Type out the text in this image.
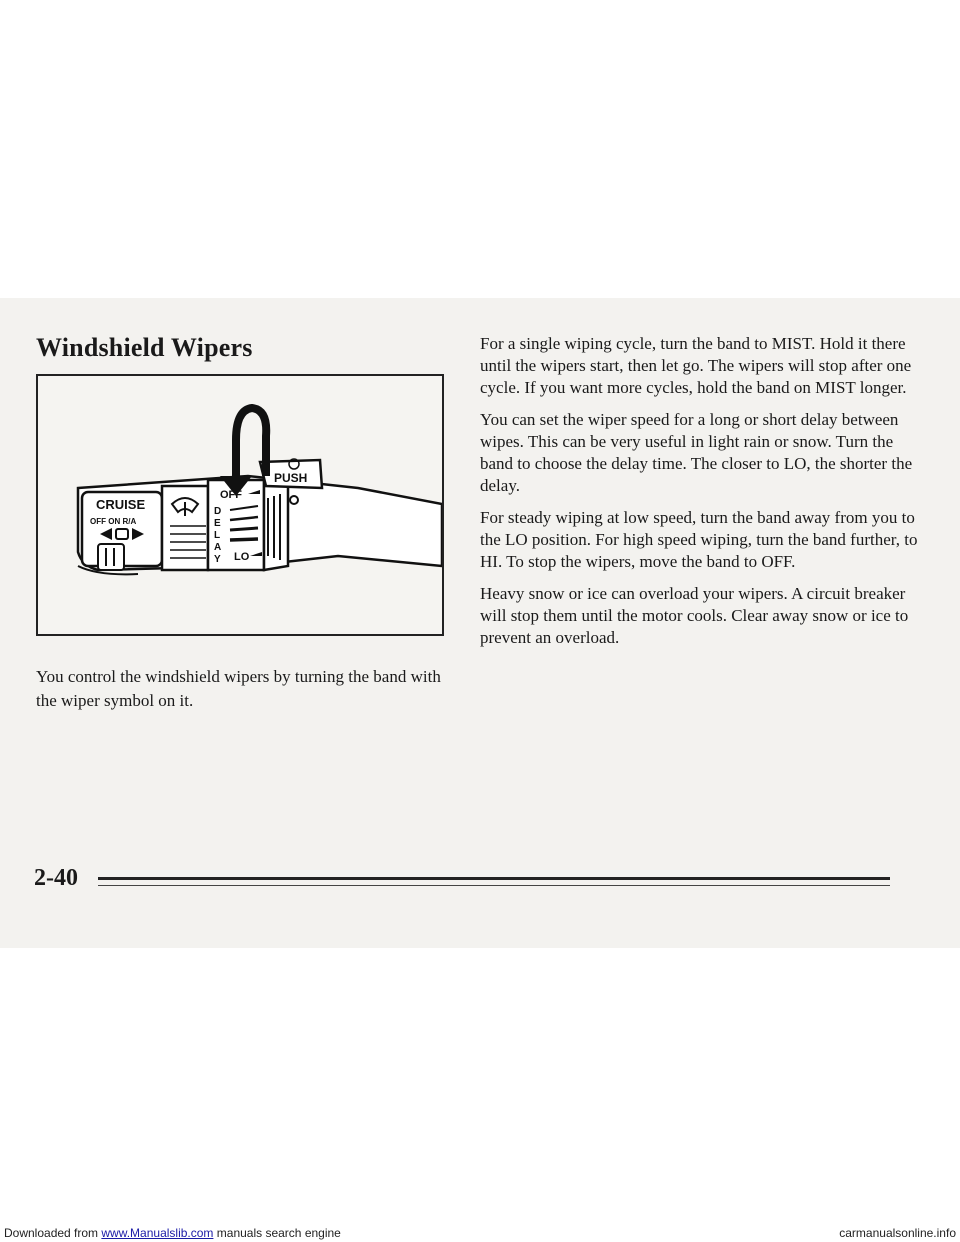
Downloaded from www.Manualslib.com manuals search engine
Windshield Wipers
CRUISE
OFF ON R/A
OFF
D
E
L
A
Y LO
PUSH

You control the windshield wipers by turning the band with the wiper symbol on it.

For a single wiping cycle, turn the band to MIST. Hold it there until the wipers start, then let go. The wipers will stop after one cycle. If you want more cycles, hold the band on MIST longer.

You can set the wiper speed for a long or short delay between wipes. This can be very useful in light rain or snow. Turn the band to choose the delay time. The closer to LO, the shorter the delay.

For steady wiping at low speed, turn the band away from you to the LO position. For high speed wiping, turn the band further, to HI. To stop the wipers, move the band to OFF.

Heavy snow or ice can overload your wipers. A circuit breaker will stop them until the motor cools. Clear away snow or ice to prevent an overload.

2-40
carmanualsonline.info
